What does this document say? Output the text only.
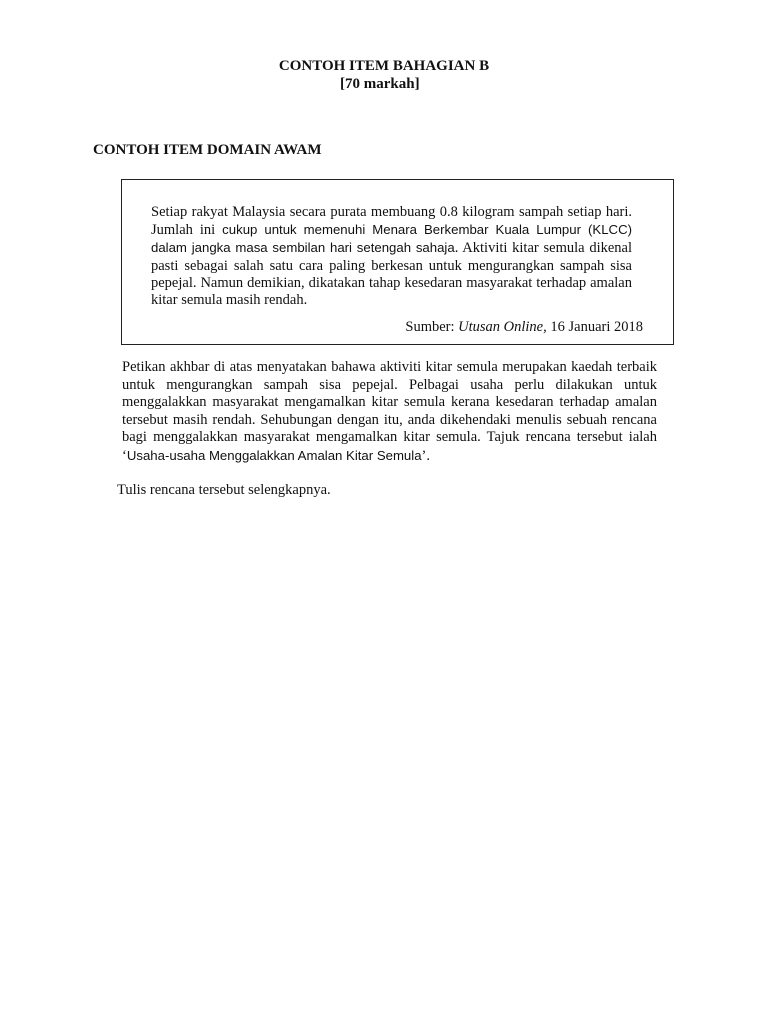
CONTOH ITEM BAHAGIAN B
[70 markah]
CONTOH ITEM DOMAIN AWAM

Setiap rakyat Malaysia secara purata membuang 0.8 kilogram sampah setiap hari. Jumlah ini cukup untuk memenuhi Menara Berkembar Kuala Lumpur (KLCC) dalam jangka masa sembilan hari setengah sahaja. Aktiviti kitar semula dikenal pasti sebagai salah satu cara paling berkesan untuk mengurangkan sampah sisa pepejal. Namun demikian, dikatakan tahap kesedaran masyarakat terhadap amalan kitar semula masih rendah.

Sumber: Utusan Online, 16 Januari 2018

Petikan akhbar di atas menyatakan bahawa aktiviti kitar semula merupakan kaedah terbaik untuk mengurangkan sampah sisa pepejal. Pelbagai usaha perlu dilakukan untuk menggalakkan masyarakat mengamalkan kitar semula kerana kesedaran terhadap amalan tersebut masih rendah. Sehubungan dengan itu, anda dikehendaki menulis sebuah rencana bagi menggalakkan masyarakat mengamalkan kitar semula. Tajuk rencana tersebut ialah ‘Usaha-usaha Menggalakkan Amalan Kitar Semula’.

Tulis rencana tersebut selengkapnya.
